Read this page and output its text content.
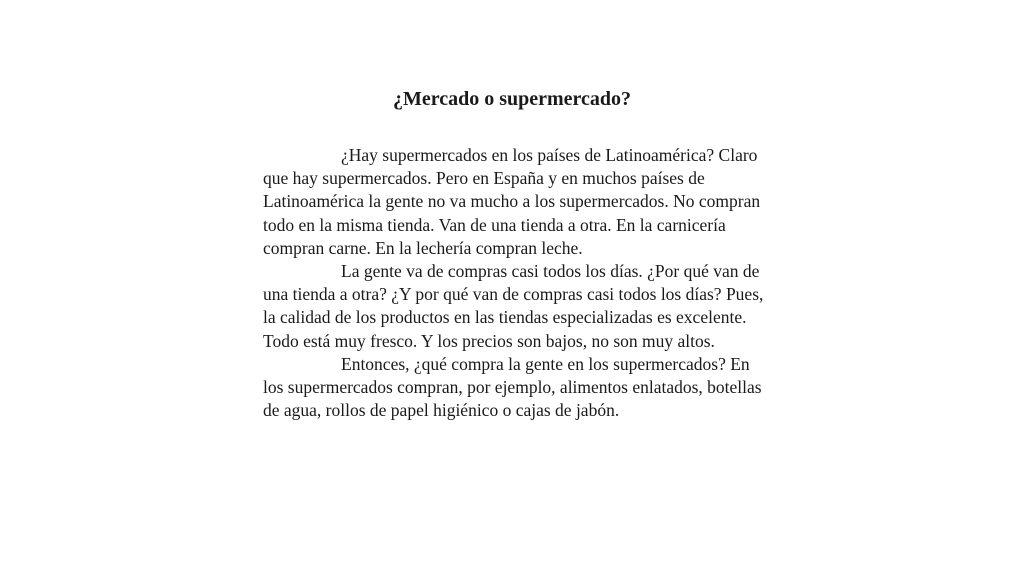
¿Mercado o supermercado?

¿Hay supermercados en los países de Latinoamérica? Claro que hay supermercados. Pero en España y en muchos países de Latinoamérica la gente no va mucho a los supermercados. No compran todo en la misma tienda. Van de una tienda a otra. En la carnicería compran carne. En la lechería compran leche.

La gente va de compras casi todos los días. ¿Por qué van de una tienda a otra? ¿Y por qué van de compras casi todos los días? Pues, la calidad de los productos en las tiendas especializadas es excelente. Todo está muy fresco. Y los precios son bajos, no son muy altos.

Entonces, ¿qué compra la gente en los supermercados? En los supermercados compran, por ejemplo, alimentos enlatados, botellas de agua, rollos de papel higiénico o cajas de jabón.
